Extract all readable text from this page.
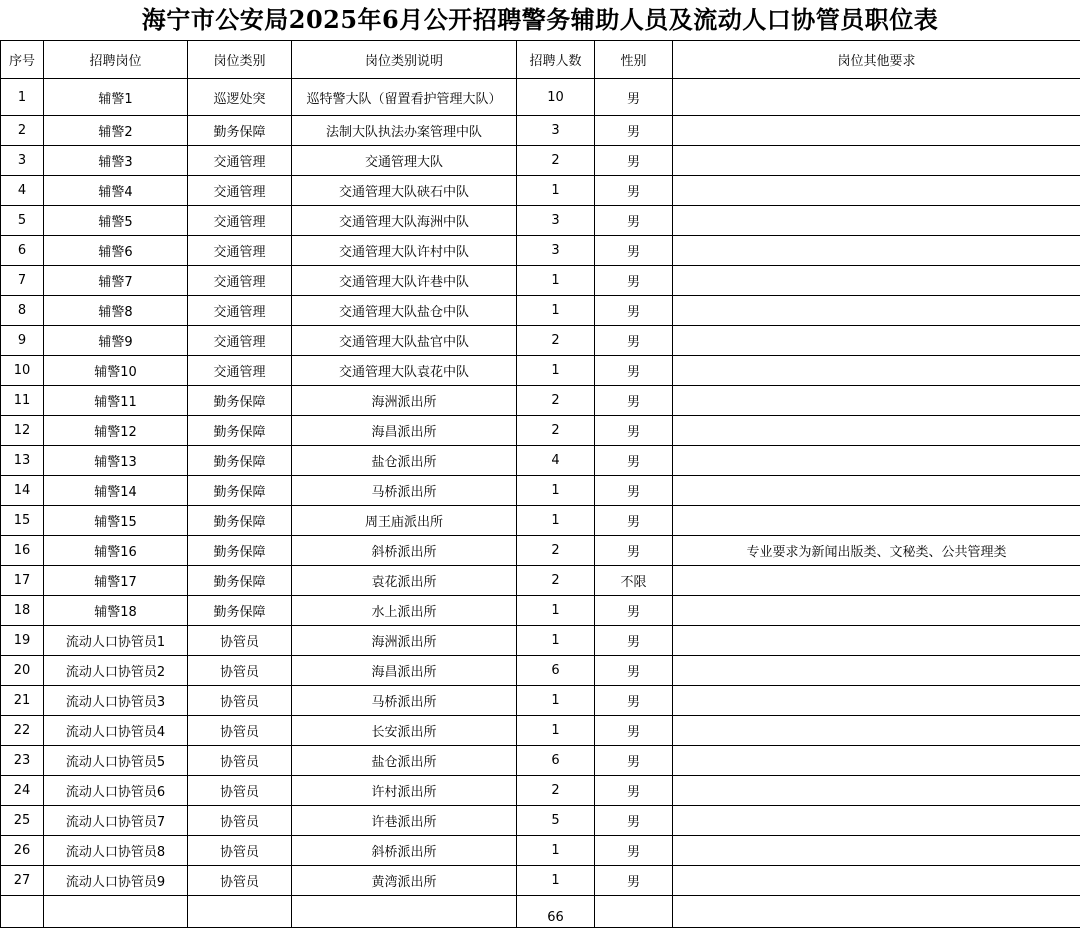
海宁市公安局2025年6月公开招聘警务辅助人员及流动人口协管员职位表
序号	招聘岗位	岗位类别	岗位类别说明	招聘人数	性别	岗位其他要求
1	辅警1	巡逻处突	巡特警大队（留置看护管理大队）	10	男	
2	辅警2	勤务保障	法制大队执法办案管理中队	3	男	
3	辅警3	交通管理	交通管理大队	2	男	
4	辅警4	交通管理	交通管理大队硖石中队	1	男	
5	辅警5	交通管理	交通管理大队海洲中队	3	男	
6	辅警6	交通管理	交通管理大队许村中队	3	男	
7	辅警7	交通管理	交通管理大队许巷中队	1	男	
8	辅警8	交通管理	交通管理大队盐仓中队	1	男	
9	辅警9	交通管理	交通管理大队盐官中队	2	男	
10	辅警10	交通管理	交通管理大队袁花中队	1	男	
11	辅警11	勤务保障	海洲派出所	2	男	
12	辅警12	勤务保障	海昌派出所	2	男	
13	辅警13	勤务保障	盐仓派出所	4	男	
14	辅警14	勤务保障	马桥派出所	1	男	
15	辅警15	勤务保障	周王庙派出所	1	男	
16	辅警16	勤务保障	斜桥派出所	2	男	专业要求为新闻出版类、文秘类、公共管理类
17	辅警17	勤务保障	袁花派出所	2	不限	
18	辅警18	勤务保障	水上派出所	1	男	
19	流动人口协管员1	协管员	海洲派出所	1	男	
20	流动人口协管员2	协管员	海昌派出所	6	男	
21	流动人口协管员3	协管员	马桥派出所	1	男	
22	流动人口协管员4	协管员	长安派出所	1	男	
23	流动人口协管员5	协管员	盐仓派出所	6	男	
24	流动人口协管员6	协管员	许村派出所	2	男	
25	流动人口协管员7	协管员	许巷派出所	5	男	
26	流动人口协管员8	协管员	斜桥派出所	1	男	
27	流动人口协管员9	协管员	黄湾派出所	1	男	
				66		
